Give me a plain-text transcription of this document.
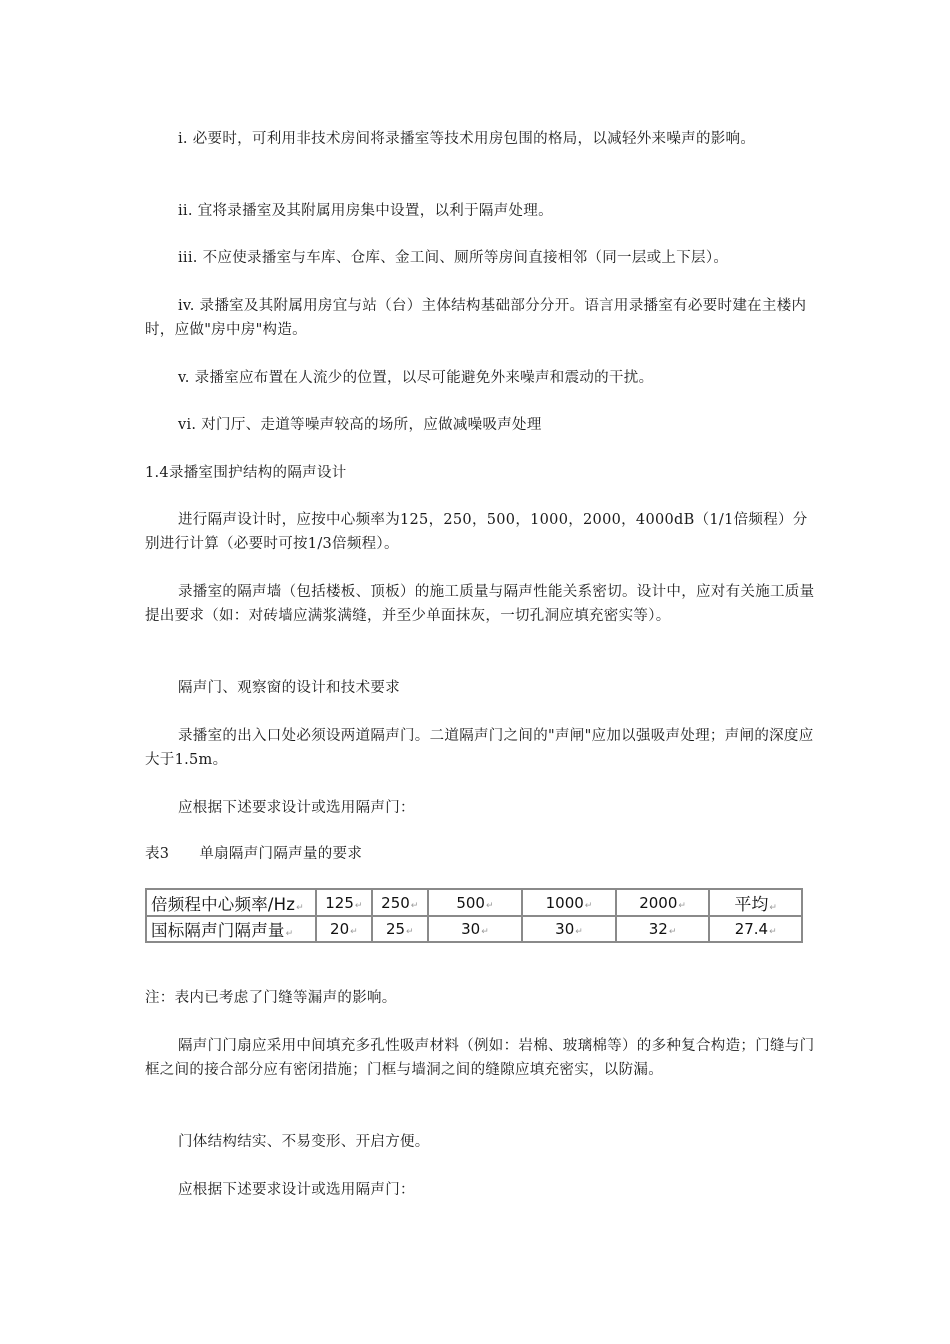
i. 必要时，可利用非技术房间将录播室等技术用房包围的格局，以减轻外来噪声的影响。

ii. 宜将录播室及其附属用房集中设置，以利于隔声处理。

iii. 不应使录播室与车库、仓库、金工间、厕所等房间直接相邻（同一层或上下层）。

iv. 录播室及其附属用房宜与站（台）主体结构基础部分分开。语言用录播室有必要时建在主楼内时，应做"房中房"构造。

v. 录播室应布置在人流少的位置，以尽可能避免外来噪声和震动的干扰。

vi. 对门厅、走道等噪声较高的场所，应做减噪吸声处理

1.4录播室围护结构的隔声设计

进行隔声设计时，应按中心频率为125，250，500，1000，2000，4000dB（1/1倍频程）分别进行计算（必要时可按1/3倍频程）。

录播室的隔声墙（包括楼板、顶板）的施工质量与隔声性能关系密切。设计中，应对有关施工质量提出要求（如：对砖墙应满浆满缝，并至少单面抹灰，一切孔洞应填充密实等）。

隔声门、观察窗的设计和技术要求

录播室的出入口处必须设两道隔声门。二道隔声门之间的"声闸"应加以强吸声处理；声闸的深度应大于1.5m。

应根据下述要求设计或选用隔声门：

表3 单扇隔声门隔声量的要求
倍频程中心频率/Hz↵	125↵	250↵	500↵	1000↵	2000↵	平均↵
国标隔声门隔声量↵	20↵	25↵	30↵	30↵	32↵	27.4↵

注：表内已考虑了门缝等漏声的影响。

隔声门门扇应采用中间填充多孔性吸声材料（例如：岩棉、玻璃棉等）的多种复合构造；门缝与门框之间的接合部分应有密闭措施；门框与墙洞之间的缝隙应填充密实，以防漏。

门体结构结实、不易变形、开启方便。

应根据下述要求设计或选用隔声门：
